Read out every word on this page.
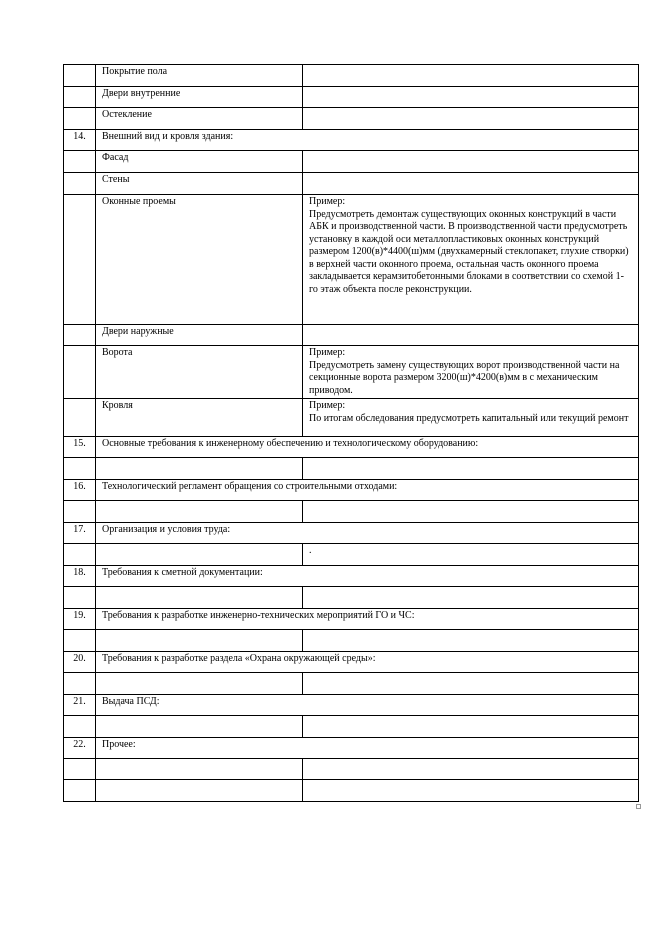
	Покрытие пола	
	Двери внутренние	
	Остекление	
14.	Внешний вид и кровля здания:	
	Фасад	
	Стены	
	Оконные проемы	Пример:
Предусмотреть демонтаж существующих оконных конструкций в части АБК и производственной части. В производственной части предусмотреть установку в каждой оси металлопластиковых оконных конструкций размером 1200(в)*4400(ш)мм (двухкамерный стеклопакет, глухие створки) в верхней части оконного проема, остальная часть оконного проема закладывается керамзитобетонными блоками в соответствии со схемой 1-го этаж объекта после реконструкции.

	Двери наружные	
	Ворота	Пример:
Предусмотреть замену существующих ворот производственной части на секционные ворота размером 3200(ш)*4200(в)мм в с механическим приводом.

	Кровля	Пример:
По итогам обследования предусмотреть капитальный или текущий ремонт

15.	Основные требования к инженерному обеспечению и технологическому оборудованию:	

16.	Технологический регламент обращения со строительными отходами:	

17.	Организация и условия труда:	
		.
18.	Требования к сметной документации:	

19.	Требования к разработке инженерно-технических мероприятий ГО и ЧС:	

20.	Требования к разработке раздела «Охрана окружающей среды»:	

21.	Выдача ПСД:	

22.	Прочее:	
